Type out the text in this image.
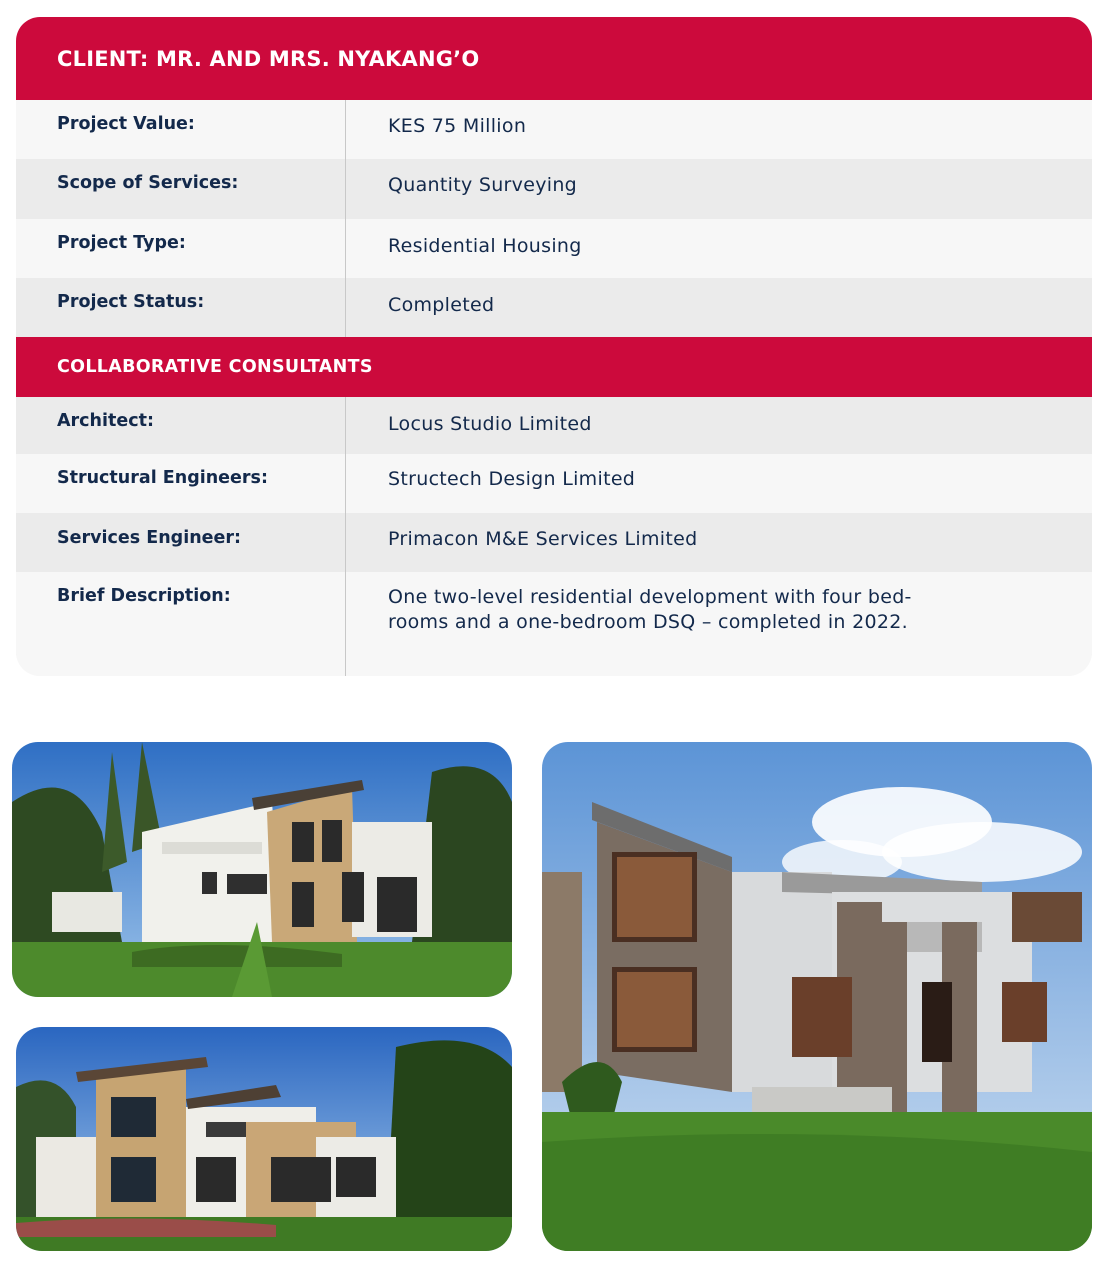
CLIENT: MR. AND MRS. NYAKANG’O
Project Value:	KES 75 Million
Scope of Services:	Quantity Surveying
Project Type:	Residential Housing
Project Status:	Completed
COLLABORATIVE CONSULTANTS
Architect:	Locus Studio Limited
Structural Engineers:	Structech Design Limited
Services Engineer:	Primacon M&E Services Limited
Brief Description:	One two-level residential development with four bed-
rooms and a one-bedroom DSQ – completed in 2022.
